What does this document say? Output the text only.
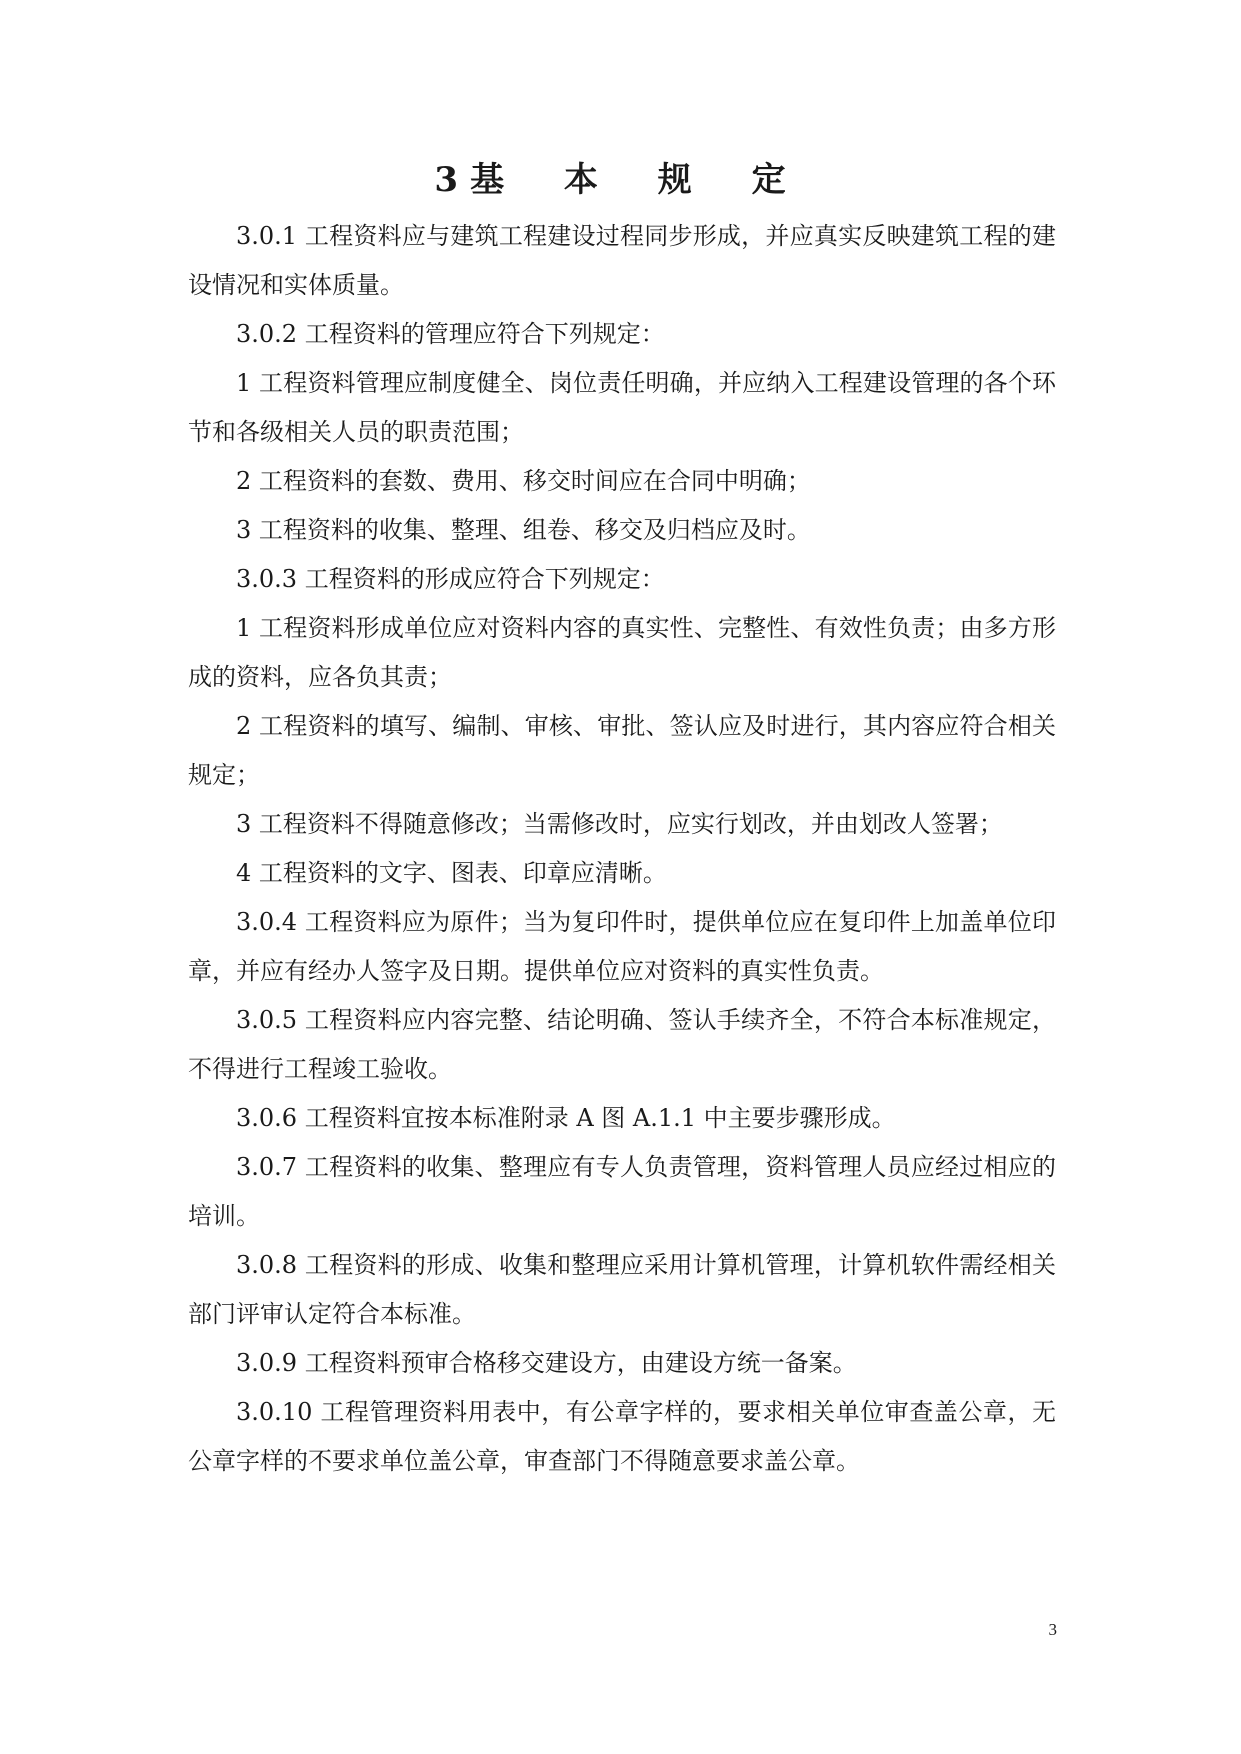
3 基 本 规 定

3.0.1 工程资料应与建筑工程建设过程同步形成，并应真实反映建筑工程的建设情况和实体质量。

3.0.2 工程资料的管理应符合下列规定：

1 工程资料管理应制度健全、岗位责任明确，并应纳入工程建设管理的各个环节和各级相关人员的职责范围；

2 工程资料的套数、费用、移交时间应在合同中明确；

3 工程资料的收集、整理、组卷、移交及归档应及时。

3.0.3 工程资料的形成应符合下列规定：

1 工程资料形成单位应对资料内容的真实性、完整性、有效性负责；由多方形成的资料，应各负其责；

2 工程资料的填写、编制、审核、审批、签认应及时进行，其内容应符合相关规定；

3 工程资料不得随意修改；当需修改时，应实行划改，并由划改人签署；

4 工程资料的文字、图表、印章应清晰。

3.0.4 工程资料应为原件；当为复印件时，提供单位应在复印件上加盖单位印章，并应有经办人签字及日期。提供单位应对资料的真实性负责。

3.0.5 工程资料应内容完整、结论明确、签认手续齐全，不符合本标准规定，不得进行工程竣工验收。

3.0.6 工程资料宜按本标准附录 A 图 A.1.1 中主要步骤形成。

3.0.7 工程资料的收集、整理应有专人负责管理，资料管理人员应经过相应的培训。

3.0.8 工程资料的形成、收集和整理应采用计算机管理，计算机软件需经相关部门评审认定符合本标准。

3.0.9 工程资料预审合格移交建设方，由建设方统一备案。

3.0.10 工程管理资料用表中，有公章字样的，要求相关单位审查盖公章，无公章字样的不要求单位盖公章，审查部门不得随意要求盖公章。

3
